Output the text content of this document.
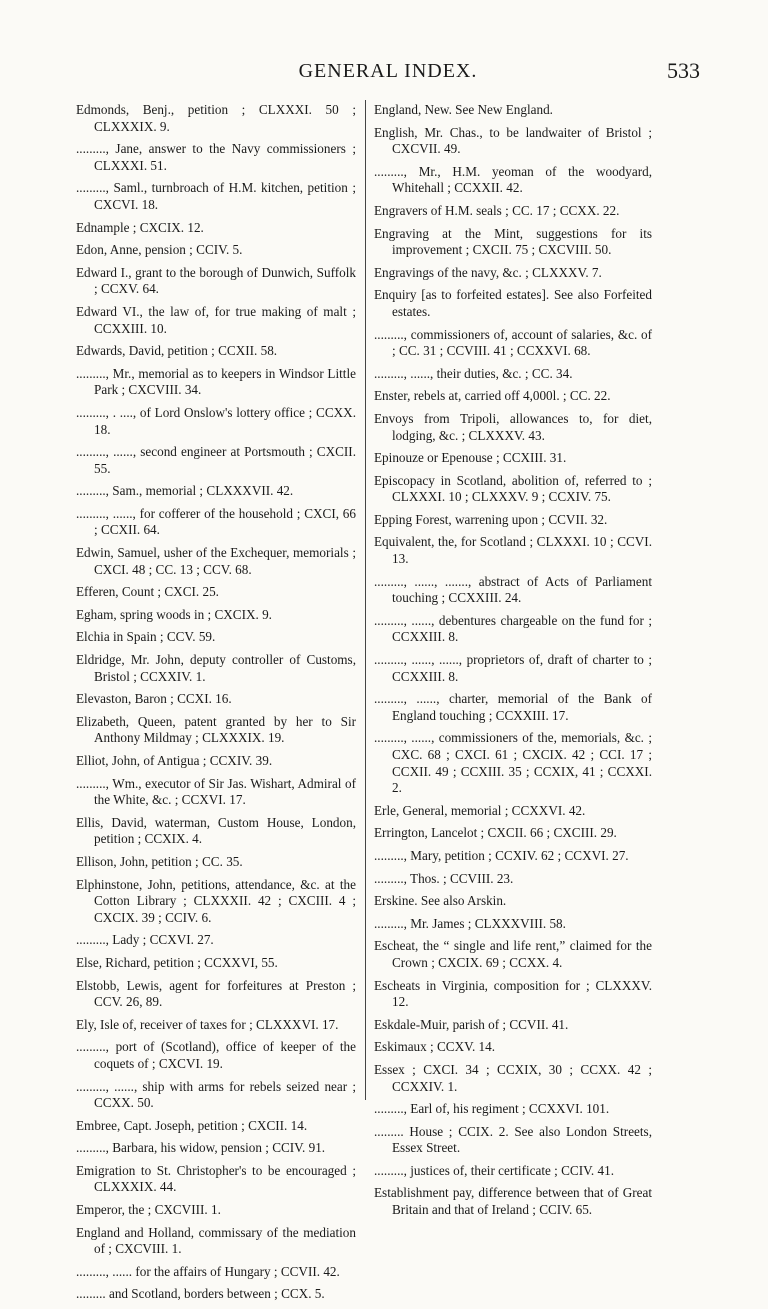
GENERAL INDEX.	533
Edmonds, Benj., petition ; CLXXXI. 50 ; CLXXXIX. 9.
........., Jane, answer to the Navy commissioners ; CLXXXI. 51.
........., Saml., turnbroach of H.M. kitchen, petition ; CXCVI. 18.
Ednample ; CXCIX. 12.
Edon, Anne, pension ; CCIV. 5.
Edward I., grant to the borough of Dunwich, Suffolk ; CCXV. 64.
Edward VI., the law of, for true making of malt ; CCXXIII. 10.
Edwards, David, petition ; CCXII. 58.
........., Mr., memorial as to keepers in Windsor Little Park ; CXCVIII. 34.
........., . ...., of Lord Onslow's lottery office ; CCXX. 18.
........., ......, second engineer at Portsmouth ; CXCII. 55.
........., Sam., memorial ; CLXXXVII. 42.
........., ......, for cofferer of the household ; CXCI, 66 ; CCXII. 64.
Edwin, Samuel, usher of the Exchequer, memorials ; CXCI. 48 ; CC. 13 ; CCV. 68.
Efferen, Count ; CXCI. 25.
Egham, spring woods in ; CXCIX. 9.
Elchia in Spain ; CCV. 59.
Eldridge, Mr. John, deputy controller of Customs, Bristol ; CCXXIV. 1.
Elevaston, Baron ; CCXI. 16.
Elizabeth, Queen, patent granted by her to Sir Anthony Mildmay ; CLXXXIX. 19.
Elliot, John, of Antigua ; CCXIV. 39.
........., Wm., executor of Sir Jas. Wishart, Admiral of the White, &c. ; CCXVI. 17.
Ellis, David, waterman, Custom House, London, petition ; CCXIX. 4.
Ellison, John, petition ; CC. 35.
Elphinstone, John, petitions, attendance, &c. at the Cotton Library ; CLXXXII. 42 ; CXCIII. 4 ; CXCIX. 39 ; CCIV. 6.
........., Lady ; CCXVI. 27.
Else, Richard, petition ; CCXXVI, 55.
Elstobb, Lewis, agent for forfeitures at Preston ; CCV. 26, 89.
Ely, Isle of, receiver of taxes for ; CLXXXVI. 17.
........., port of (Scotland), office of keeper of the coquets of ; CXCVI. 19.
........., ......, ship with arms for rebels seized near ; CCXX. 50.
Embree, Capt. Joseph, petition ; CXCII. 14.
........., Barbara, his widow, pension ; CCIV. 91.
Emigration to St. Christopher's to be encouraged ; CLXXXIX. 44.
Emperor, the ; CXCVIII. 1.
England and Holland, commissary of the mediation of ; CXCVIII. 1.
........., ...... for the affairs of Hungary ; CCVII. 42.
......... and Scotland, borders between ; CCX. 5.
England, New. See New England.
English, Mr. Chas., to be landwaiter of Bristol ; CXCVII. 49.
........., Mr., H.M. yeoman of the woodyard, Whitehall ; CCXXII. 42.
Engravers of H.M. seals ; CC. 17 ; CCXX. 22.
Engraving at the Mint, suggestions for its improvement ; CXCII. 75 ; CXCVIII. 50.
Engravings of the navy, &c. ; CLXXXV. 7.
Enquiry [as to forfeited estates]. See also Forfeited estates.
........., commissioners of, account of salaries, &c. of ; CC. 31 ; CCVIII. 41 ; CCXXVI. 68.
........., ......, their duties, &c. ; CC. 34.
Enster, rebels at, carried off 4,000l. ; CC. 22.
Envoys from Tripoli, allowances to, for diet, lodging, &c. ; CLXXXV. 43.
Epinouze or Epenouse ; CCXIII. 31.
Episcopacy in Scotland, abolition of, referred to ; CLXXXI. 10 ; CLXXXV. 9 ; CCXIV. 75.
Epping Forest, warrening upon ; CCVII. 32.
Equivalent, the, for Scotland ; CLXXXI. 10 ; CCVI. 13.
........., ......, ......., abstract of Acts of Parliament touching ; CCXXIII. 24.
........., ......, debentures chargeable on the fund for ; CCXXIII. 8.
........., ......, ......, proprietors of, draft of charter to ; CCXXIII. 8.
........., ......, charter, memorial of the Bank of England touching ; CCXXIII. 17.
........., ......, commissioners of the, memorials, &c. ; CXC. 68 ; CXCI. 61 ; CXCIX. 42 ; CCI. 17 ; CCXII. 49 ; CCXIII. 35 ; CCXIX, 41 ; CCXXI. 2.
Erle, General, memorial ; CCXXVI. 42.
Errington, Lancelot ; CXCII. 66 ; CXCIII. 29.
........., Mary, petition ; CCXIV. 62 ; CCXVI. 27.
........., Thos. ; CCVIII. 23.
Erskine. See also Arskin.
........., Mr. James ; CLXXXVIII. 58.
Escheat, the “ single and life rent,” claimed for the Crown ; CXCIX. 69 ; CCXX. 4.
Escheats in Virginia, composition for ; CLXXXV. 12.
Eskdale-Muir, parish of ; CCVII. 41.
Eskimaux ; CCXV. 14.
Essex ; CXCI. 34 ; CCXIX, 30 ; CCXX. 42 ; CCXXIV. 1.
........., Earl of, his regiment ; CCXXVI. 101.
......... House ; CCIX. 2. See also London Streets, Essex Street.
........., justices of, their certificate ; CCIV. 41.
Establishment pay, difference between that of Great Britain and that of Ireland ; CCIV. 65.
